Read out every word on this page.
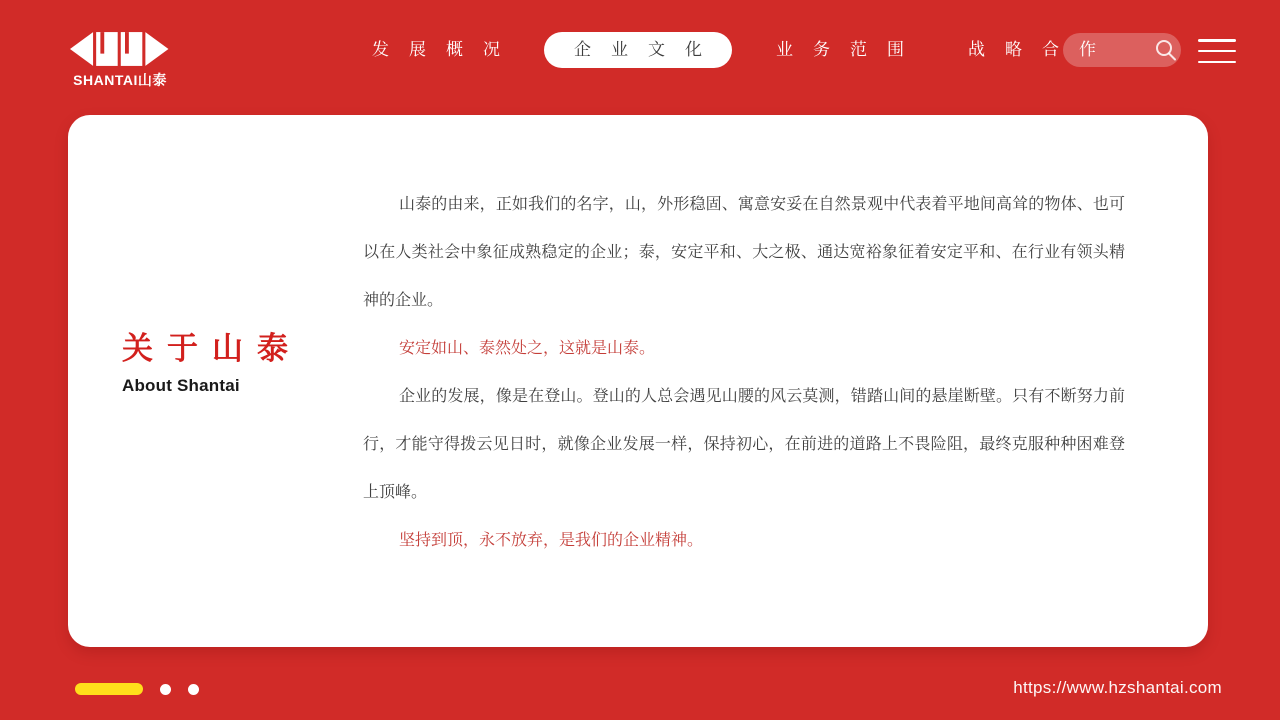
SHANTAI山泰
发展概况	企业文化	业务范围	战略合作
关于山泰
About Shantai

山泰的由来，正如我们的名字，山，外形稳固、寓意安妥在自然景观中代表着平地间高耸的物体、也可以在人类社会中象征成熟稳定的企业；泰，安定平和、大之极、通达宽裕象征着安定平和、在行业有领头精神的企业。

安定如山、泰然处之，这就是山泰。

企业的发展，像是在登山。登山的人总会遇见山腰的风云莫测，错踏山间的悬崖断壁。只有不断努力前行，才能守得拨云见日时，就像企业发展一样，保持初心，在前进的道路上不畏险阻，最终克服种种困难登上顶峰。

坚持到顶，永不放弃，是我们的企业精神。

https://www.hzshantai.com
